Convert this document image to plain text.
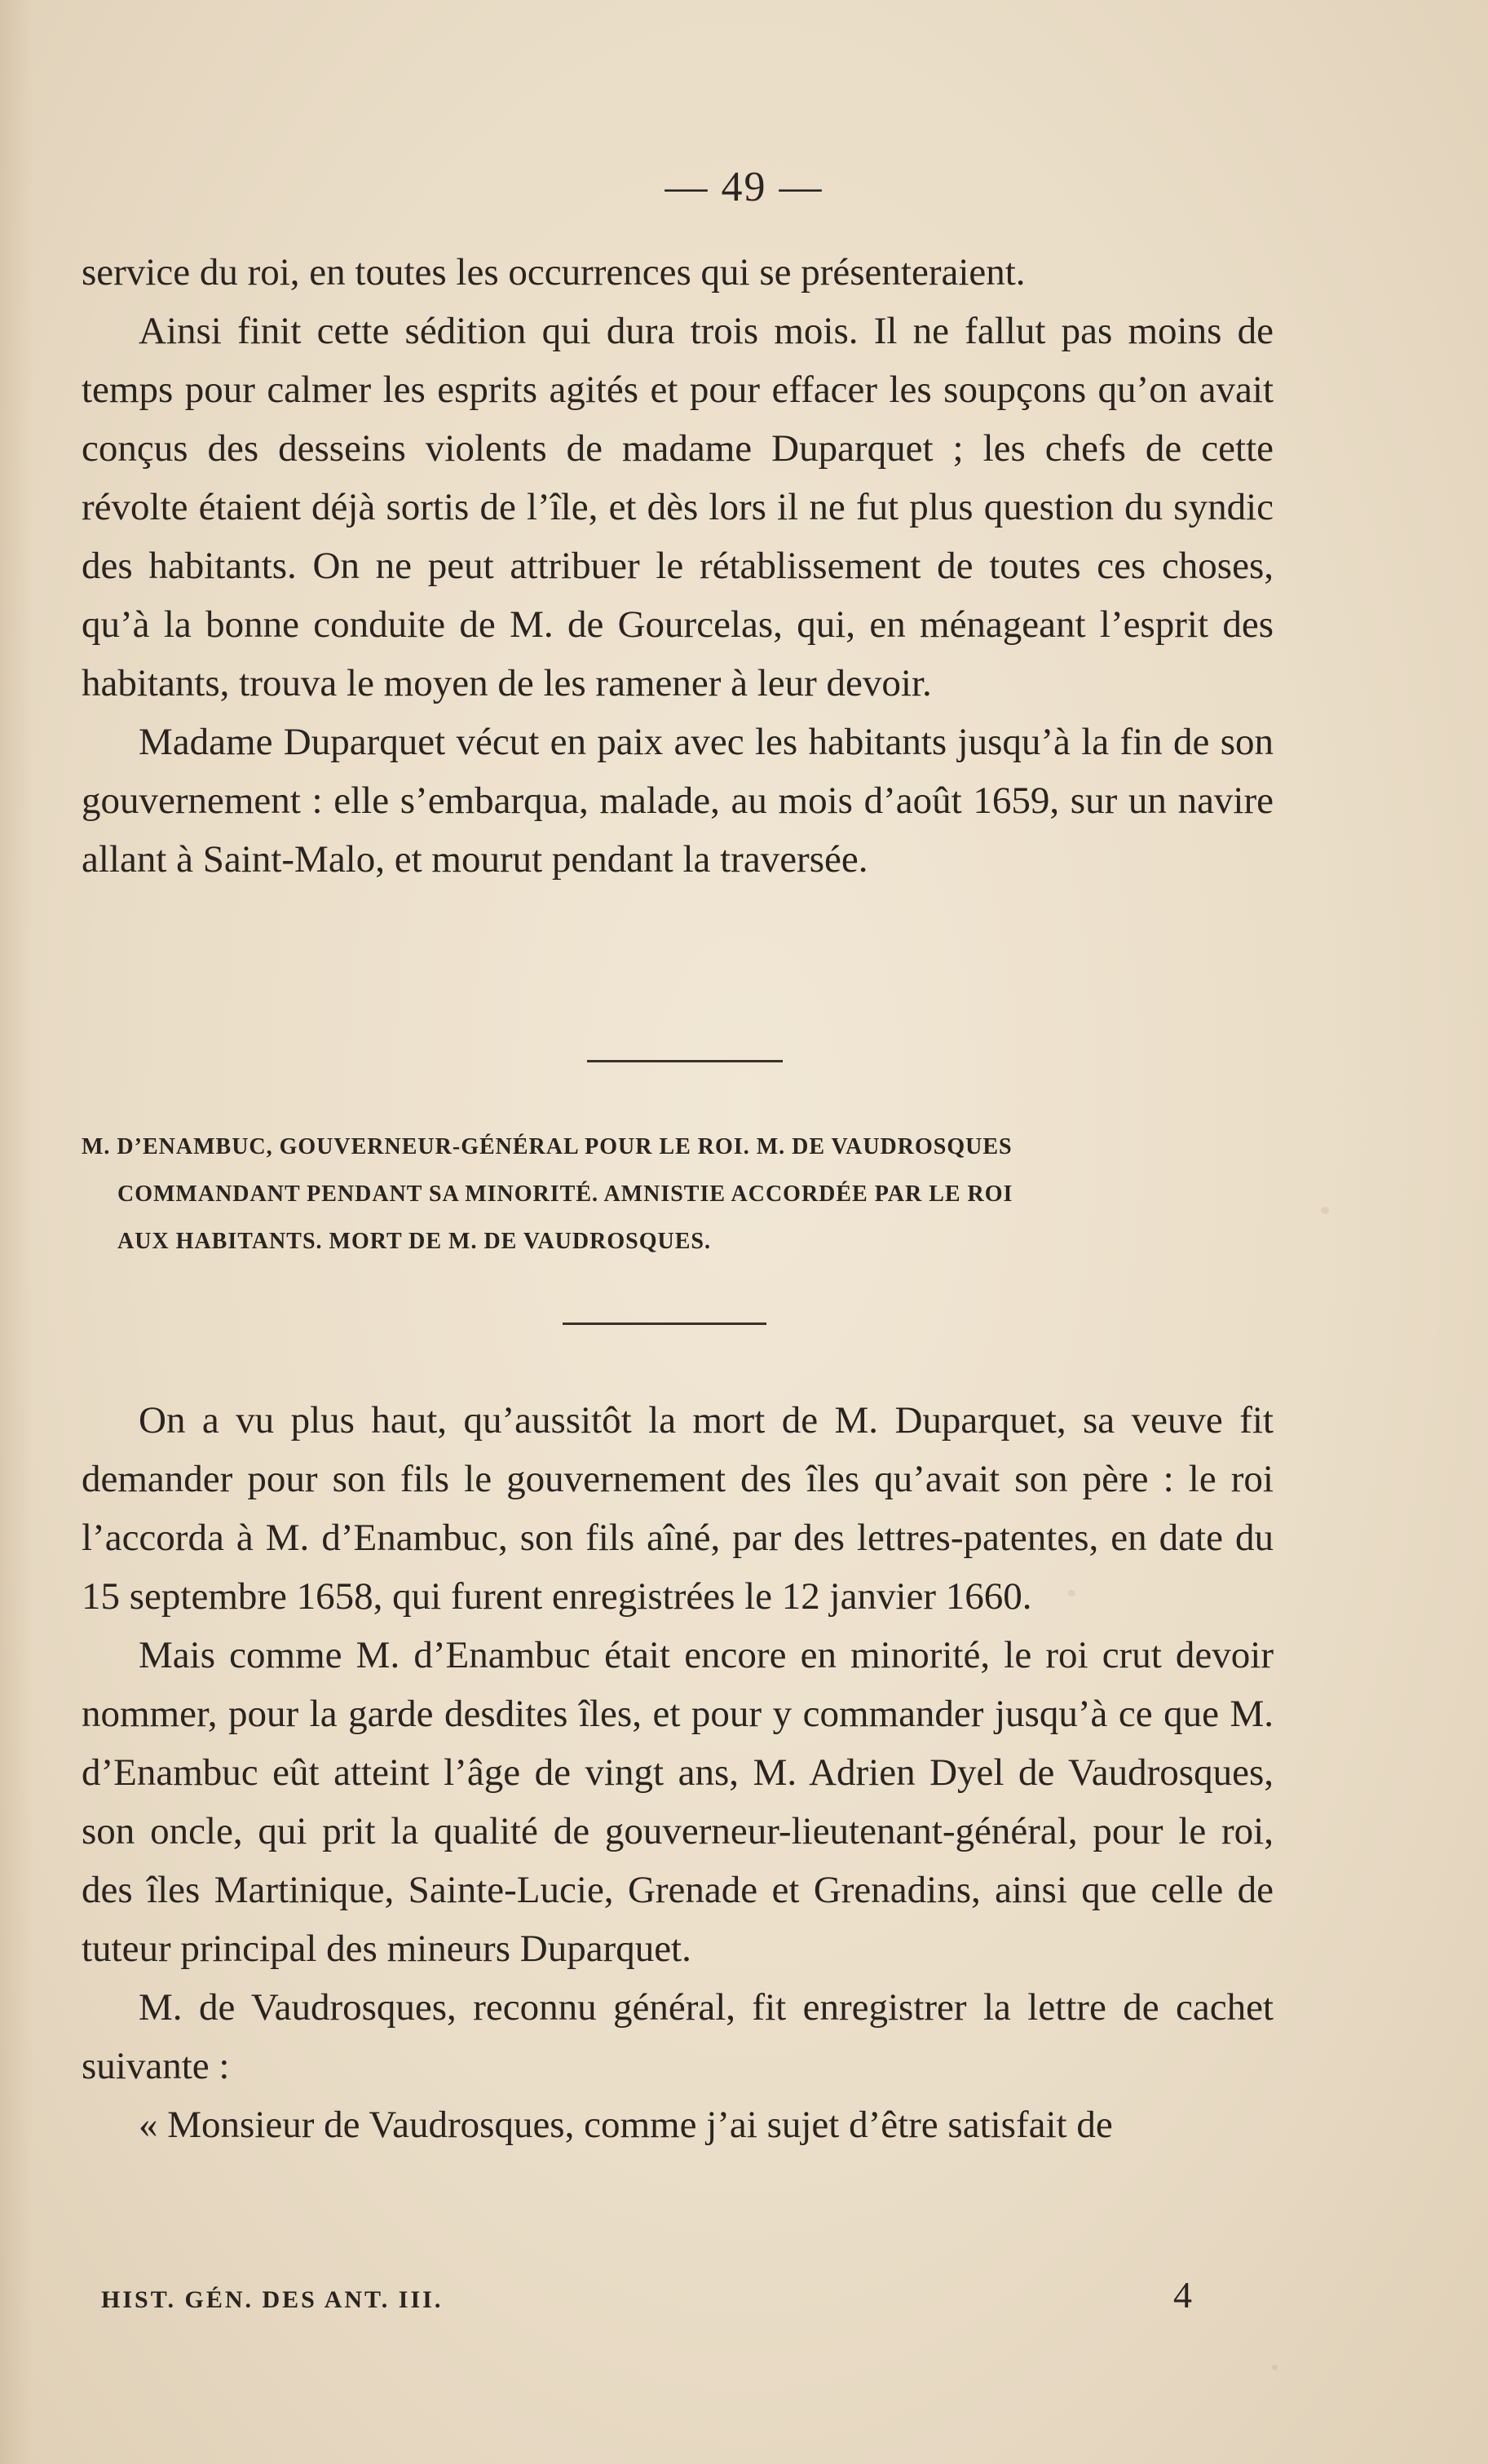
— 49 —

service du roi, en toutes les occurrences qui se présenteraient.

Ainsi finit cette sédition qui dura trois mois. Il ne fallut pas moins de temps pour calmer les esprits agités et pour effacer les soupçons qu’on avait conçus des desseins violents de madame Duparquet ; les chefs de cette révolte étaient déjà sortis de l’île, et dès lors il ne fut plus question du syndic des habitants. On ne peut attribuer le rétablissement de toutes ces choses, qu’à la bonne conduite de M. de Gourcelas, qui, en ménageant l’esprit des habitants, trouva le moyen de les ramener à leur devoir.

Madame Duparquet vécut en paix avec les habitants jusqu’à la fin de son gouvernement : elle s’embarqua, malade, au mois d’août 1659, sur un navire allant à Saint-Malo, et mourut pendant la traversée.

M. D’ENAMBUC, GOUVERNEUR-GÉNÉRAL POUR LE ROI. M. DE VAUDROSQUES
COMMANDANT PENDANT SA MINORITÉ. AMNISTIE ACCORDÉE PAR LE ROI
AUX HABITANTS. MORT DE M. DE VAUDROSQUES.

On a vu plus haut, qu’aussitôt la mort de M. Duparquet, sa veuve fit demander pour son fils le gouvernement des îles qu’avait son père : le roi l’accorda à M. d’Enambuc, son fils aîné, par des lettres-patentes, en date du 15 septembre 1658, qui furent enregistrées le 12 janvier 1660.

Mais comme M. d’Enambuc était encore en minorité, le roi crut devoir nommer, pour la garde desdites îles, et pour y commander jusqu’à ce que M. d’Enambuc eût atteint l’âge de vingt ans, M. Adrien Dyel de Vaudrosques, son oncle, qui prit la qualité de gouverneur-lieutenant-général, pour le roi, des îles Martinique, Sainte-Lucie, Grenade et Grenadins, ainsi que celle de tuteur principal des mineurs Duparquet.

M. de Vaudrosques, reconnu général, fit enregistrer la lettre de cachet suivante :

« Monsieur de Vaudrosques, comme j’ai sujet d’être satisfait de

HIST. GÉN. DES ANT. III.	4
